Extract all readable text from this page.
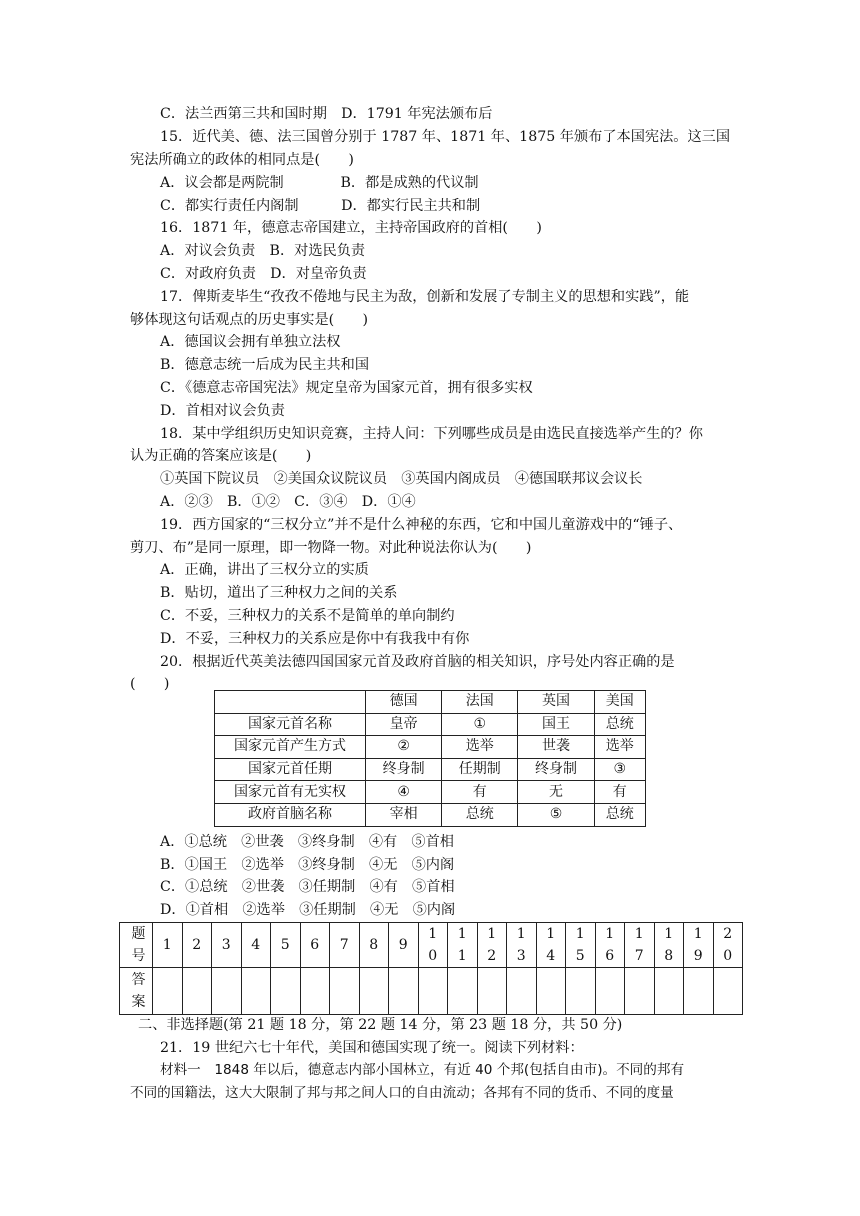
C．法兰西第三共和国时期　D．1791 年宪法颁布后
15．近代美、德、法三国曾分别于 1787 年、1871 年、1875 年颁布了本国宪法。这三国
宪法所确立的政体的相同点是(　　)
A．议会都是两院制　　　　B．都是成熟的代议制
C．都实行责任内阁制　　　D．都实行民主共和制
16．1871 年，德意志帝国建立，主持帝国政府的首相(　　)
A．对议会负责　B．对选民负责
C．对政府负责　D．对皇帝负责
17．俾斯麦毕生“孜孜不倦地与民主为敌，创新和发展了专制主义的思想和实践”，能
够体现这句话观点的历史事实是(　　)
A．德国议会拥有单独立法权
B．德意志统一后成为民主共和国
C．《德意志帝国宪法》规定皇帝为国家元首，拥有很多实权
D．首相对议会负责
18．某中学组织历史知识竞赛，主持人问：下列哪些成员是由选民直接选举产生的？你
认为正确的答案应该是(　　)
①英国下院议员　②美国众议院议员　③英国内阁成员　④德国联邦议会议长
A．②③　B．①②　C．③④　D．①④
19．西方国家的“三权分立”并不是什么神秘的东西，它和中国儿童游戏中的“锤子、
剪刀、布”是同一原理，即一物降一物。对此种说法你认为(　　)
A．正确，讲出了三权分立的实质
B．贴切，道出了三种权力之间的关系
C．不妥，三种权力的关系不是简单的单向制约
D．不妥，三种权力的关系应是你中有我我中有你
20．根据近代英美法德四国国家元首及政府首脑的相关知识，序号处内容正确的是
(　　)
	德国	法国	英国	美国
国家元首名称	皇帝	①	国王	总统
国家元首产生方式	②	选举	世袭	选举
国家元首任期	终身制	任期制	终身制	③
国家元首有无实权	④	有	无	有
政府首脑名称	宰相	总统	⑤	总统
A．①总统　②世袭　③终身制　④有　⑤首相
B．①国王　②选举　③终身制　④无　⑤内阁
C．①总统　②世袭　③任期制　④有　⑤首相
D．①首相　②选举　③任期制　④无　⑤内阁
题号	1	2	3	4	5	6	7	8	9	10	11	12	13	14	15	16	17	18	19	20
答案																				
二、非选择题(第 21 题 18 分，第 22 题 14 分，第 23 题 18 分，共 50 分)
21．19 世纪六七十年代，美国和德国实现了统一。阅读下列材料：
材料一　1848 年以后，德意志内部小国林立，有近 40 个邦(包括自由市)。不同的邦有
不同的国籍法，这大大限制了邦与邦之间人口的自由流动；各邦有不同的货币、不同的度量
